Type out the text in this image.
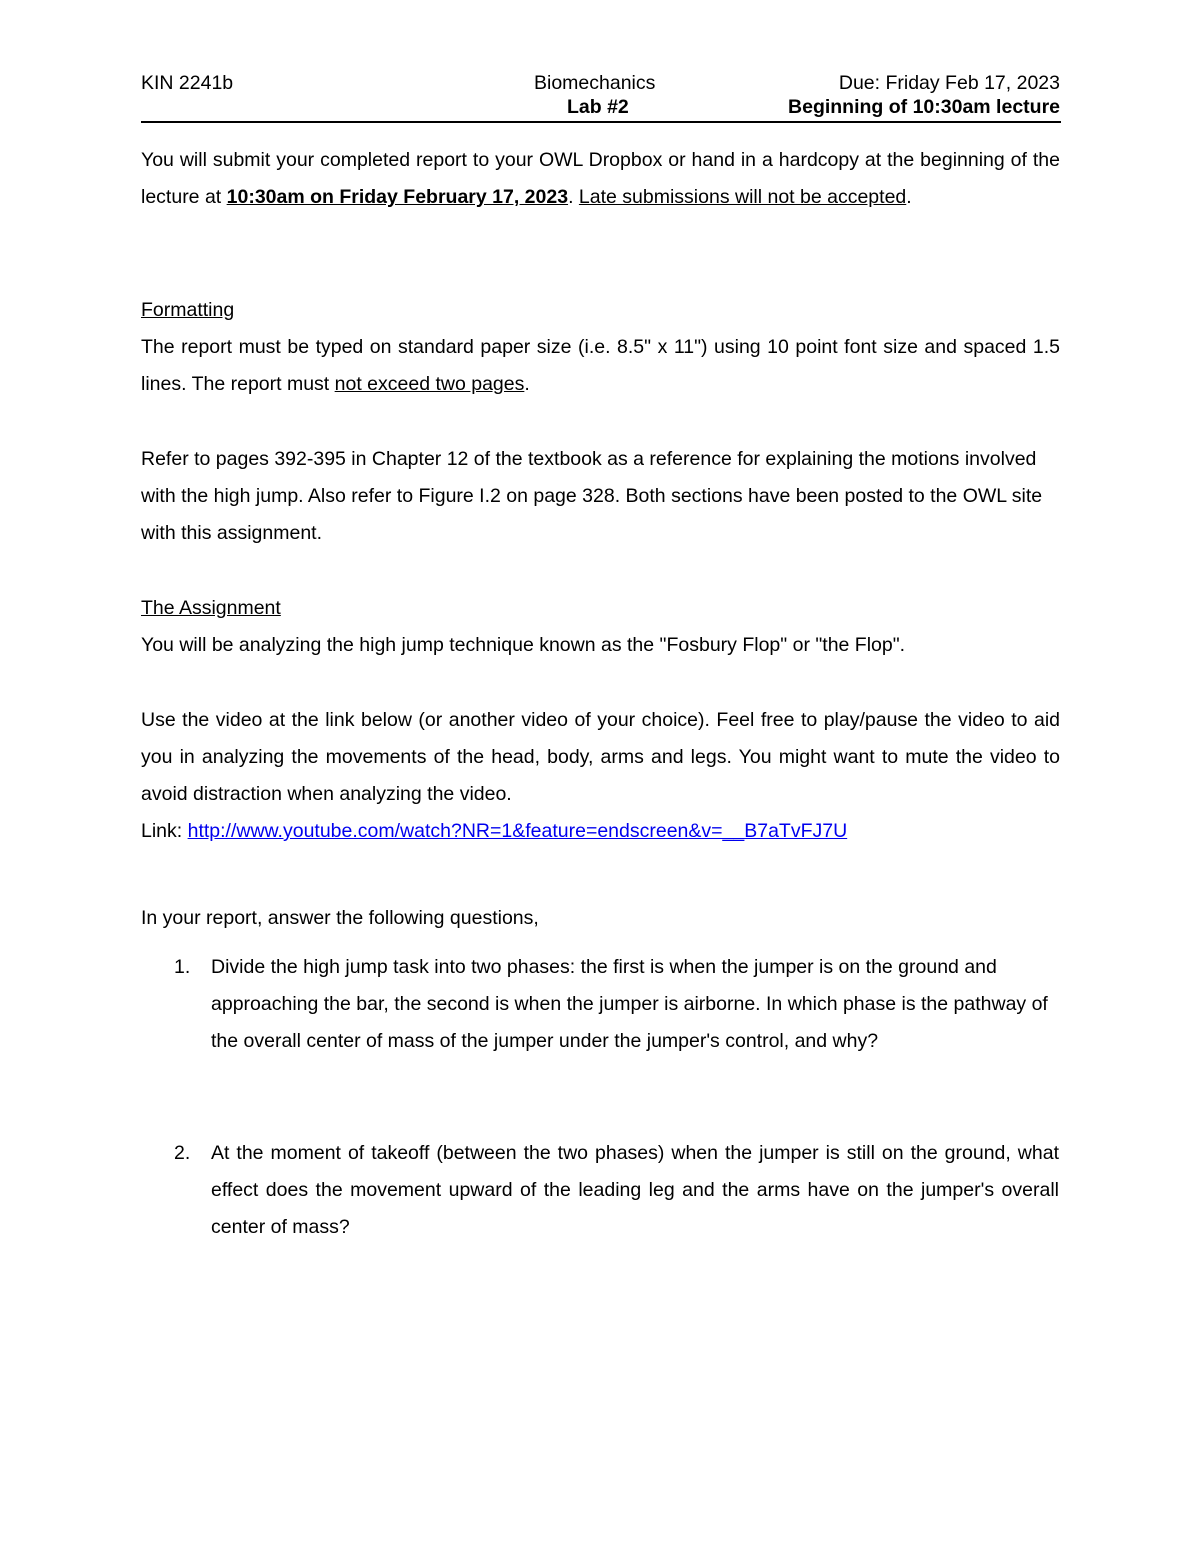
KIN 2241b	Biomechanics	Due: Friday Feb 17, 2023
Lab #2	Beginning of 10:30am lecture
You will submit your completed report to your OWL Dropbox or hand in a hardcopy at the beginning of the lecture at 10:30am on Friday February 17, 2023. Late submissions will not be accepted.
Formatting
The report must be typed on standard paper size (i.e. 8.5" x 11") using 10 point font size and spaced 1.5 lines. The report must not exceed two pages.
Refer to pages 392-395 in Chapter 12 of the textbook as a reference for explaining the motions involved with the high jump. Also refer to Figure I.2 on page 328. Both sections have been posted to the OWL site with this assignment.
The Assignment
You will be analyzing the high jump technique known as the "Fosbury Flop" or "the Flop".
Use the video at the link below (or another video of your choice). Feel free to play/pause the video to aid you in analyzing the movements of the head, body, arms and legs. You might want to mute the video to avoid distraction when analyzing the video.
Link: http://www.youtube.com/watch?NR=1&feature=endscreen&v=__B7aTvFJ7U
In your report, answer the following questions,
1. Divide the high jump task into two phases: the first is when the jumper is on the ground and approaching the bar, the second is when the jumper is airborne. In which phase is the pathway of the overall center of mass of the jumper under the jumper's control, and why?
2. At the moment of takeoff (between the two phases) when the jumper is still on the ground, what effect does the movement upward of the leading leg and the arms have on the jumper's overall center of mass?
